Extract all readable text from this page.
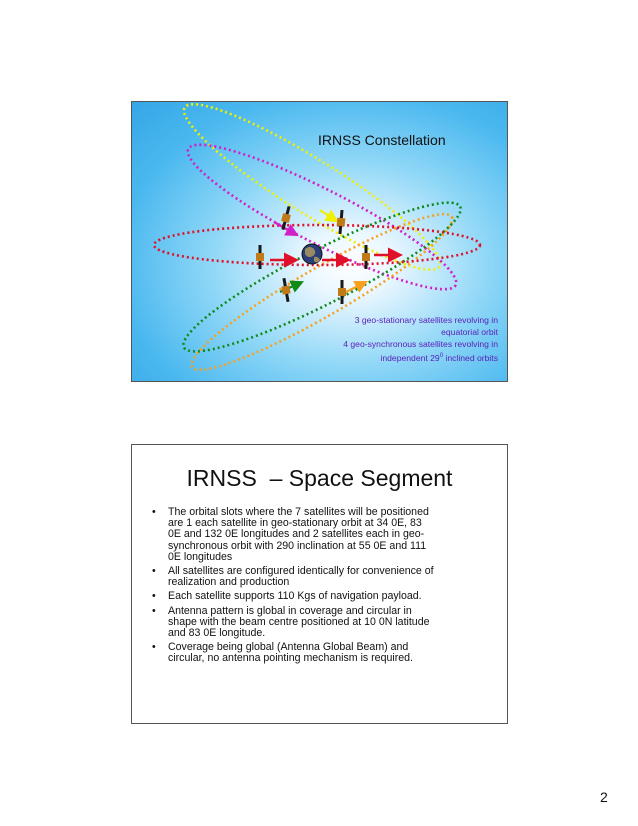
IRNSS Constellation
3 geo-stationary satellites revolving in
equatorial orbit
4 geo-synchronous satellites revolving in
independent $29^0$ inclined orbits
IRNSS  – Space Segment
• The orbital slots where the 7 satellites will be positioned
are 1 each satellite in geo-stationary orbit at 34 0E, 83
0E and 132 0E longitudes and 2 satellites each in geo-
synchronous orbit with 290 inclination at 55 0E and 111
0E longitudes
• All satellites are configured identically for convenience of
realization and production
• Each satellite supports 110 Kgs of navigation payload.
• Antenna pattern is global in coverage and circular in
shape with the beam centre positioned at 10 0N latitude
and 83 0E longitude.
• Coverage being global (Antenna Global Beam) and
circular, no antenna pointing mechanism is required.
2
